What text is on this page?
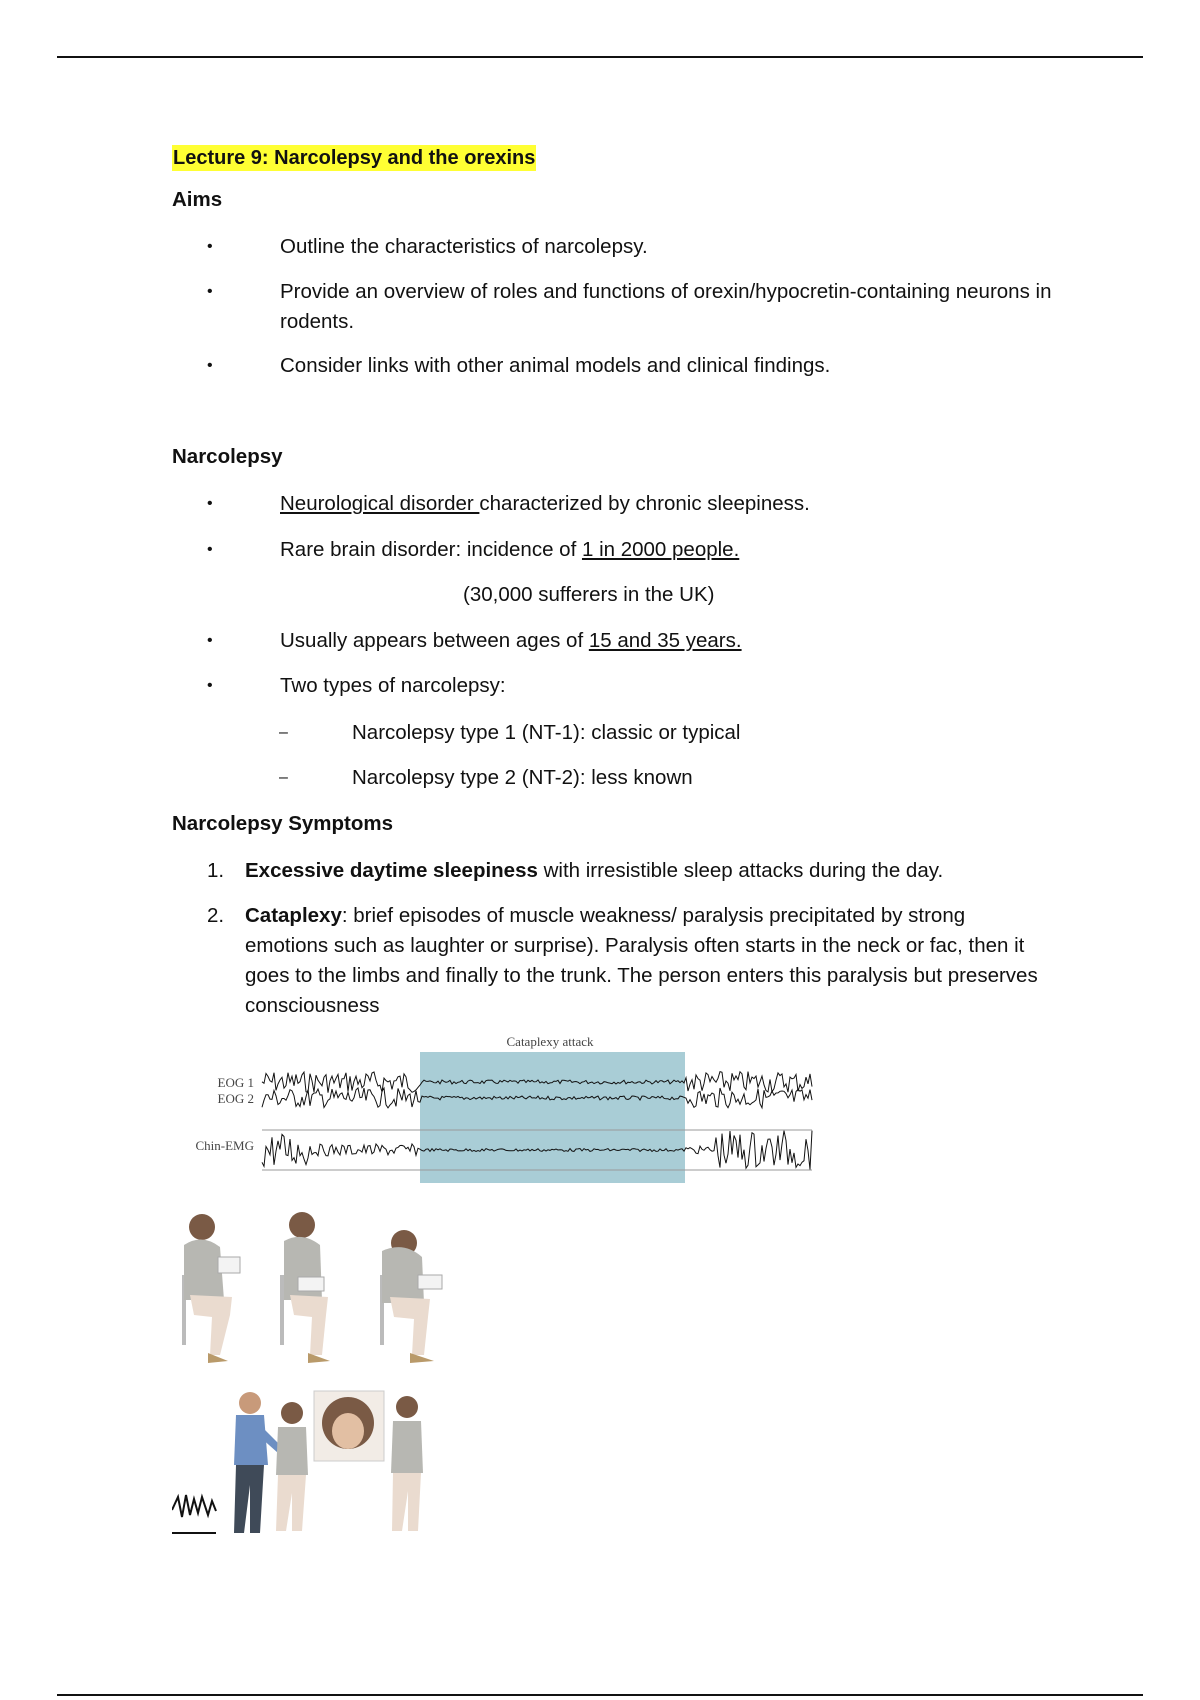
Lecture 9: Narcolepsy and the orexins
Aims
•	Outline the characteristics of narcolepsy.
•	Provide an overview of roles and functions of orexin/hypocretin-containing neurons in rodents.
•	Consider links with other animal models and clinical findings.
Narcolepsy
•	Neurological disorder characterized by chronic sleepiness.
•	Rare brain disorder: incidence of 1 in 2000 people.
(30,000 sufferers in the UK)
•	Usually appears between ages of 15 and 35 years.
•	Two types of narcolepsy:
–	Narcolepsy type 1 (NT-1): classic or typical
–	Narcolepsy type 2 (NT-2): less known
Narcolepsy Symptoms
1. Excessive daytime sleepiness with irresistible sleep attacks during the day.
2. Cataplexy: brief episodes of muscle weakness/ paralysis precipitated by strong emotions such as laughter or surprise). Paralysis often starts in the neck or fac, then it goes to the limbs and finally to the trunk. The person enters this paralysis but preserves consciousness
Cataplexy attack
EOG 1
EOG 2
Chin-EMG
